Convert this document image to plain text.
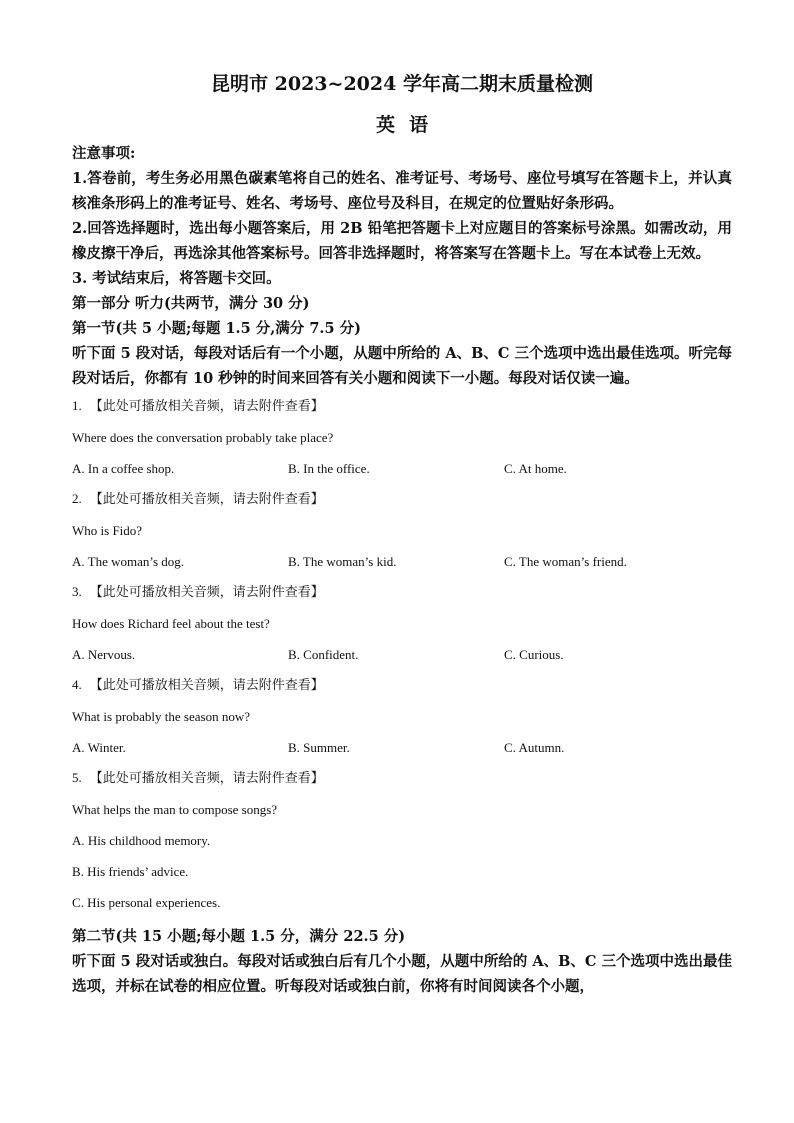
昆明市 2023~2024 学年高二期末质量检测
英语

注意事项:

1.答卷前，考生务必用黑色碳素笔将自己的姓名、准考证号、考场号、座位号填写在答题卡上，并认真核准条形码上的准考证号、姓名、考场号、座位号及科目，在规定的位置贴好条形码。

2.回答选择题时，选出每小题答案后，用 2B 铅笔把答题卡上对应题目的答案标号涂黑。如需改动，用橡皮擦干净后，再选涂其他答案标号。回答非选择题时，将答案写在答题卡上。写在本试卷上无效。

3. 考试结束后，将答题卡交回。

第一部分 听力(共两节，满分 30 分)

第一节(共 5 小题;每题 1.5 分,满分 7.5 分)

听下面 5 段对话，每段对话后有一个小题，从题中所给的 A、B、C 三个选项中选出最佳选项。听完每段对话后，你都有 10 秒钟的时间来回答有关小题和阅读下一小题。每段对话仅读一遍。

1. 【此处可播放相关音频，请去附件查看】

Where does the conversation probably take place?

A. In a coffee shop.	B. In the office.	C. At home.

2. 【此处可播放相关音频，请去附件查看】

Who is Fido?

A. The woman’s dog.	B. The woman’s kid.	C. The woman’s friend.

3. 【此处可播放相关音频，请去附件查看】

How does Richard feel about the test?

A. Nervous.	B. Confident.	C. Curious.

4. 【此处可播放相关音频，请去附件查看】

What is probably the season now?

A. Winter.	B. Summer.	C. Autumn.

5. 【此处可播放相关音频，请去附件查看】

What helps the man to compose songs?

A. His childhood memory.

B. His friends’ advice.

C. His personal experiences.

第二节(共 15 小题;每小题 1.5 分，满分 22.5 分)

听下面 5 段对话或独白。每段对话或独白后有几个小题，从题中所给的 A、B、C 三个选项中选出最佳选项，并标在试卷的相应位置。听每段对话或独白前，你将有时间阅读各个小题，
